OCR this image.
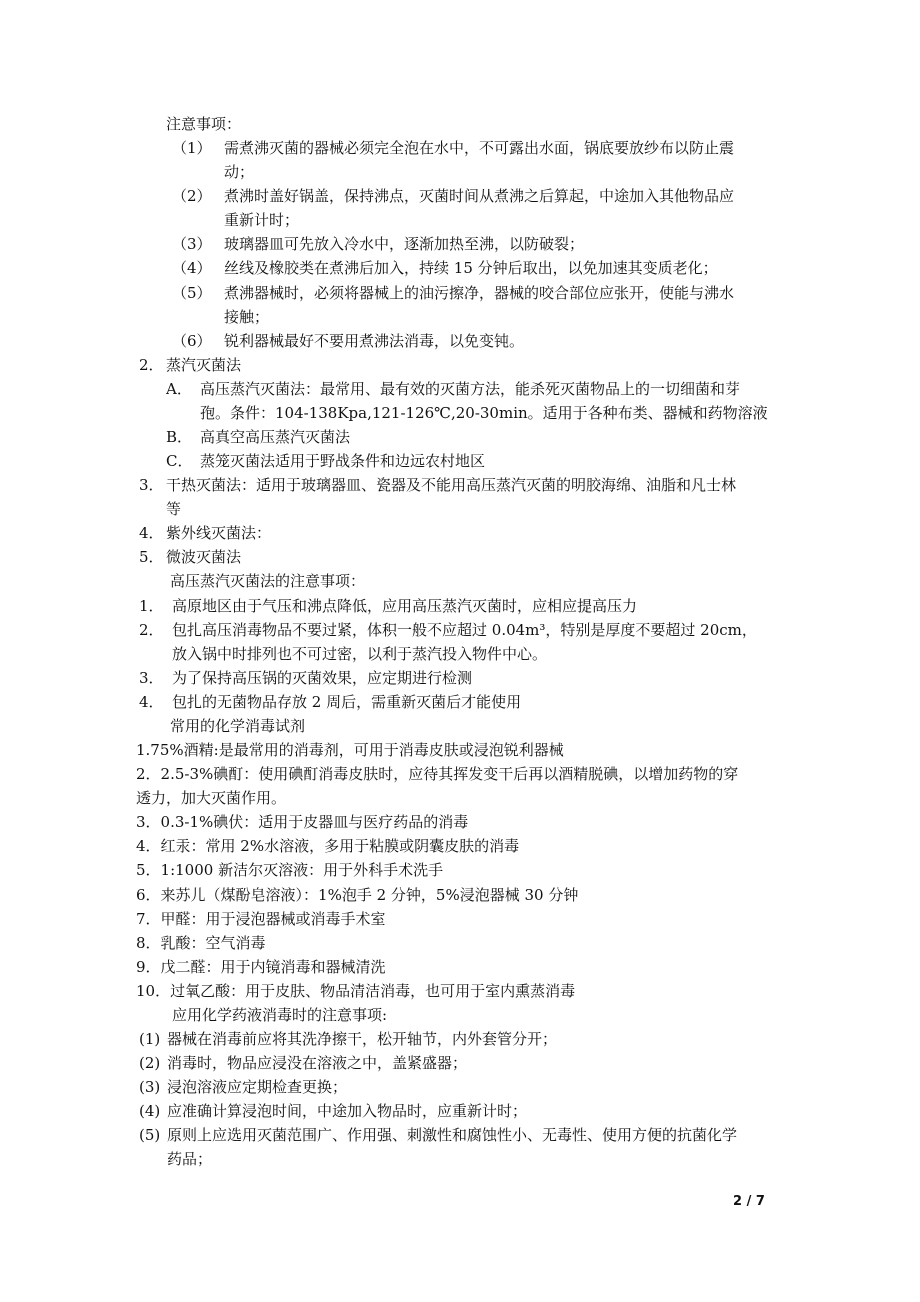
注意事项：
（1） 需煮沸灭菌的器械必须完全泡在水中，不可露出水面，锅底要放纱布以防止震
动；
（2） 煮沸时盖好锅盖，保持沸点，灭菌时间从煮沸之后算起，中途加入其他物品应
重新计时；
（3） 玻璃器皿可先放入冷水中，逐渐加热至沸，以防破裂；
（4） 丝线及橡胶类在煮沸后加入，持续 15 分钟后取出，以免加速其变质老化；
（5） 煮沸器械时，必须将器械上的油污擦净，器械的咬合部位应张开，使能与沸水
接触；
（6） 锐利器械最好不要用煮沸法消毒，以免变钝。
2． 蒸汽灭菌法
A． 高压蒸汽灭菌法：最常用、最有效的灭菌方法，能杀死灭菌物品上的一切细菌和芽
孢。条件：104-138Kpa,121-126℃,20-30min。适用于各种布类、器械和药物溶液
B． 高真空高压蒸汽灭菌法
C． 蒸笼灭菌法适用于野战条件和边远农村地区
3． 干热灭菌法：适用于玻璃器皿、瓷器及不能用高压蒸汽灭菌的明胶海绵、油脂和凡士林
等
4． 紫外线灭菌法：
5． 微波灭菌法
高压蒸汽灭菌法的注意事项：
1． 高原地区由于气压和沸点降低，应用高压蒸汽灭菌时，应相应提高压力
2． 包扎高压消毒物品不要过紧，体积一般不应超过 0.04m³，特别是厚度不要超过 20cm，
放入锅中时排列也不可过密，以利于蒸汽投入物件中心。
3． 为了保持高压锅的灭菌效果，应定期进行检测
4． 包扎的无菌物品存放 2 周后，需重新灭菌后才能使用
常用的化学消毒试剂
1.75%酒精:是最常用的消毒剂，可用于消毒皮肤或浸泡锐利器械
2．2.5-3%碘酊：使用碘酊消毒皮肤时，应待其挥发变干后再以酒精脱碘，以增加药物的穿
透力，加大灭菌作用。
3．0.3-1%碘伏：适用于皮器皿与医疗药品的消毒
4．红汞：常用 2%水溶液，多用于粘膜或阴囊皮肤的消毒
5．1:1000 新洁尔灭溶液：用于外科手术洗手
6．来苏儿（煤酚皂溶液）：1%泡手 2 分钟，5%浸泡器械 30 分钟
7．甲醛：用于浸泡器械或消毒手术室
8．乳酸：空气消毒
9．戊二醛：用于内镜消毒和器械清洗
10．过氧乙酸：用于皮肤、物品清洁消毒，也可用于室内熏蒸消毒
应用化学药液消毒时的注意事项:
(1) 器械在消毒前应将其洗净擦干，松开轴节，内外套管分开；
(2) 消毒时，物品应浸没在溶液之中，盖紧盛器；
(3) 浸泡溶液应定期检查更换；
(4) 应准确计算浸泡时间，中途加入物品时，应重新计时；
(5) 原则上应选用灭菌范围广、作用强、刺激性和腐蚀性小、无毒性、使用方便的抗菌化学
药品；
2 / 7
